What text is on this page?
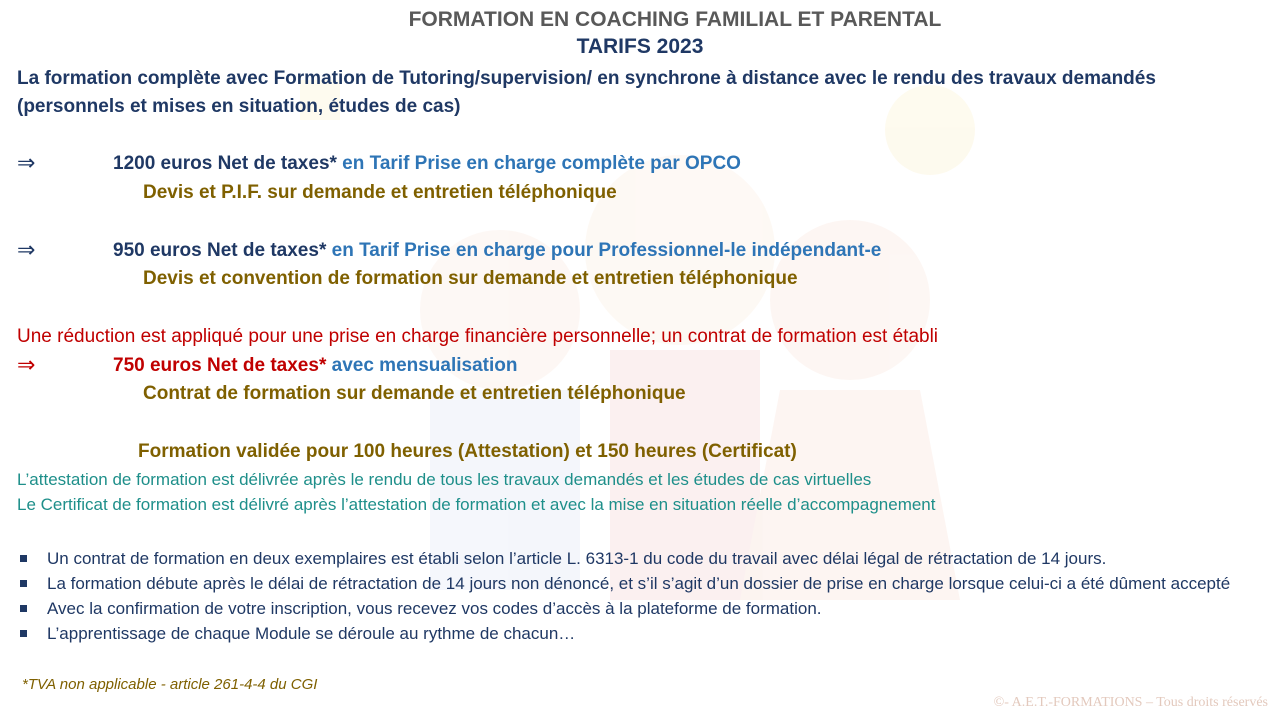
FORMATION EN COACHING FAMILIAL ET PARENTAL
TARIFS 2023
La formation complète avec Formation de Tutoring/supervision/ en synchrone à distance avec le rendu des travaux demandés (personnels et mises en situation, études de cas)
⇒	1200 euros Net de taxes* en Tarif Prise en charge complète par OPCO
Devis et P.I.F. sur demande et entretien téléphonique
⇒	950 euros Net de taxes* en Tarif Prise en charge pour Professionnel-le indépendant-e
Devis et convention de formation sur demande et entretien téléphonique
Une réduction est appliqué pour une prise en charge financière personnelle; un contrat de formation est établi
⇒	750 euros Net de taxes* avec mensualisation
Contrat de formation sur demande et entretien téléphonique
Formation validée pour 100 heures (Attestation) et 150 heures (Certificat)
L’attestation de formation est délivrée après le rendu de tous les travaux demandés et les études de cas virtuelles
Le Certificat de formation est délivré après l’attestation de formation et avec la mise en situation réelle d’accompagnement
Un contrat de formation en deux exemplaires est établi selon l’article L. 6313-1 du code du travail avec délai légal de rétractation de 14 jours.
La formation débute après le délai de rétractation de 14 jours non dénoncé, et s’il s’agit d’un dossier de prise en charge lorsque celui-ci a été dûment accepté
Avec la confirmation de votre inscription, vous recevez vos codes d’accès à la plateforme de formation.
L’apprentissage de chaque Module se déroule au rythme de chacun…
*TVA non applicable - article 261-4-4 du CGI
©- A.E.T.-FORMATIONS – Tous droits réservés
